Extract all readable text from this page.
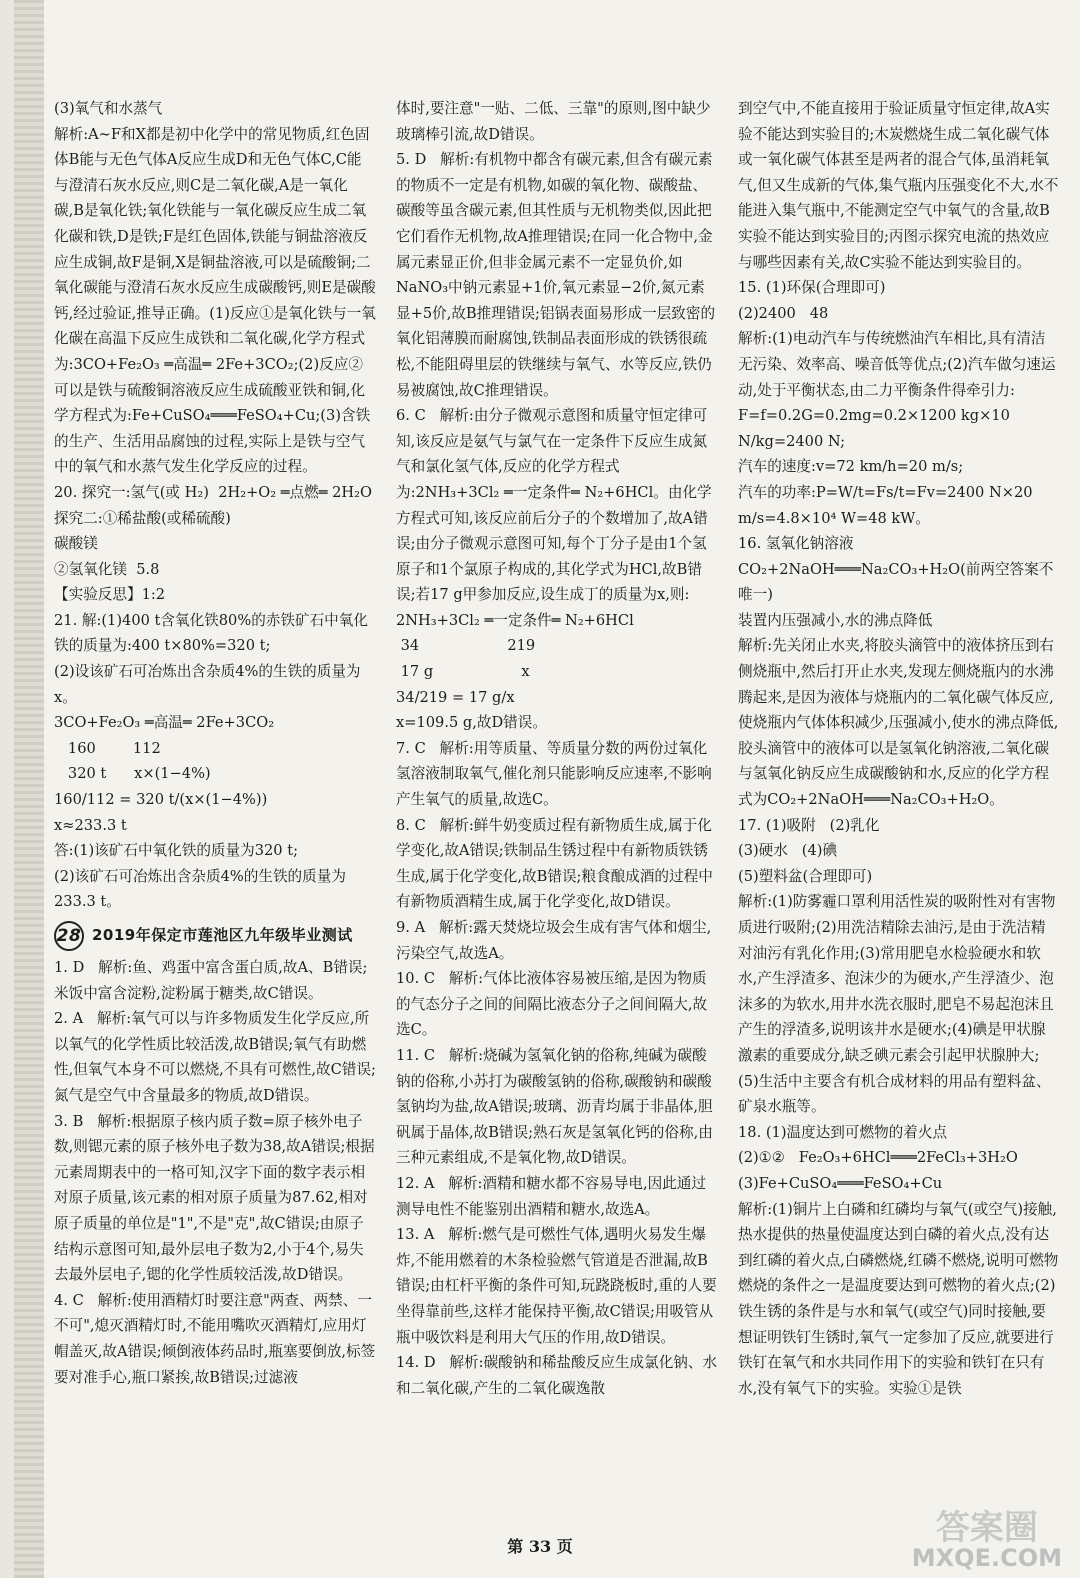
(3)氧气和水蒸气
解析:A~F和X都是初中化学中的常见物质,红色固体B能与无色气体A反应生成D和无色气体C,C能与澄清石灰水反应,则C是二氧化碳,A是一氧化碳,B是氧化铁;氧化铁能与一氧化碳反应生成二氧化碳和铁,D是铁;F是红色固体,铁能与铜盐溶液反应生成铜,故F是铜,X是铜盐溶液,可以是硫酸铜;二氧化碳能与澄清石灰水反应生成碳酸钙,则E是碳酸钙,经过验证,推导正确。(1)反应①是氧化铁与一氧化碳在高温下反应生成铁和二氧化碳,化学方程式为:3CO+Fe₂O₃ ═高温═ 2Fe+3CO₂;(2)反应②可以是铁与硫酸铜溶液反应生成硫酸亚铁和铜,化学方程式为:Fe+CuSO₄═══FeSO₄+Cu;(3)含铁的生产、生活用品腐蚀的过程,实际上是铁与空气中的氧气和水蒸气发生化学反应的过程。

20. 探究一:氢气(或 H₂)  2H₂+O₂ ═点燃═ 2H₂O
探究二:①稀盐酸(或稀硫酸)
碳酸镁
②氢氧化镁  5.8
【实验反思】1:2

21. 解:(1)400 t含氧化铁80%的赤铁矿石中氧化铁的质量为:400 t×80%=320 t;
(2)设该矿石可冶炼出含杂质4%的生铁的质量为x。
3CO+Fe₂O₃ ═高温═ 2Fe+3CO₂
160        112
320 t      x×(1−4%)
160/112 = 320 t/(x×(1−4%))
x≈233.3 t
答:(1)该矿石中氧化铁的质量为320 t;
(2)该矿石可冶炼出含杂质4%的生铁的质量为233.3 t。

28 2019年保定市莲池区九年级毕业测试

1. D   解析:鱼、鸡蛋中富含蛋白质,故A、B错误;米饭中富含淀粉,淀粉属于糖类,故C错误。

2. A   解析:氧气可以与许多物质发生化学反应,所以氧气的化学性质比较活泼,故B错误;氧气有助燃性,但氧气本身不可以燃烧,不具有可燃性,故C错误;氮气是空气中含量最多的物质,故D错误。

3. B   解析:根据原子核内质子数=原子核外电子数,则锶元素的原子核外电子数为38,故A错误;根据元素周期表中的一格可知,汉字下面的数字表示相对原子质量,该元素的相对原子质量为87.62,相对原子质量的单位是"1",不是"克",故C错误;由原子结构示意图可知,最外层电子数为2,小于4个,易失去最外层电子,锶的化学性质较活泼,故D错误。

4. C   解析:使用酒精灯时要注意"两查、两禁、一不可",熄灭酒精灯时,不能用嘴吹灭酒精灯,应用灯帽盖灭,故A错误;倾倒液体药品时,瓶塞要倒放,标签要对准手心,瓶口紧挨,故B错误;过滤液

体时,要注意"一贴、二低、三靠"的原则,图中缺少玻璃棒引流,故D错误。

5. D   解析:有机物中都含有碳元素,但含有碳元素的物质不一定是有机物,如碳的氧化物、碳酸盐、碳酸等虽含碳元素,但其性质与无机物类似,因此把它们看作无机物,故A推理错误;在同一化合物中,金属元素显正价,但非金属元素不一定显负价,如NaNO₃中钠元素显+1价,氧元素显−2价,氮元素显+5价,故B推理错误;铝锅表面易形成一层致密的氧化铝薄膜而耐腐蚀,铁制品表面形成的铁锈很疏松,不能阻碍里层的铁继续与氧气、水等反应,铁仍易被腐蚀,故C推理错误。

6. C   解析:由分子微观示意图和质量守恒定律可知,该反应是氨气与氯气在一定条件下反应生成氮气和氯化氢气体,反应的化学方程式为:2NH₃+3Cl₂ ═一定条件═ N₂+6HCl。由化学方程式可知,该反应前后分子的个数增加了,故A错误;由分子微观示意图可知,每个丁分子是由1个氢原子和1个氯原子构成的,其化学式为HCl,故B错误;若17 g甲参加反应,设生成丁的质量为x,则:
2NH₃+3Cl₂ ═一定条件═ N₂+6HCl
34                   219
17 g                   x
34/219 = 17 g/x
x=109.5 g,故D错误。

7. C   解析:用等质量、等质量分数的两份过氧化氢溶液制取氧气,催化剂只能影响反应速率,不影响产生氧气的质量,故选C。

8. C   解析:鲜牛奶变质过程有新物质生成,属于化学变化,故A错误;铁制品生锈过程中有新物质铁锈生成,属于化学变化,故B错误;粮食酿成酒的过程中有新物质酒精生成,属于化学变化,故D错误。

9. A   解析:露天焚烧垃圾会生成有害气体和烟尘,污染空气,故选A。

10. C   解析:气体比液体容易被压缩,是因为物质的气态分子之间的间隔比液态分子之间间隔大,故选C。

11. C   解析:烧碱为氢氧化钠的俗称,纯碱为碳酸钠的俗称,小苏打为碳酸氢钠的俗称,碳酸钠和碳酸氢钠均为盐,故A错误;玻璃、沥青均属于非晶体,胆矾属于晶体,故B错误;熟石灰是氢氧化钙的俗称,由三种元素组成,不是氧化物,故D错误。

12. A   解析:酒精和糖水都不容易导电,因此通过测导电性不能鉴别出酒精和糖水,故选A。

13. A   解析:燃气是可燃性气体,遇明火易发生爆炸,不能用燃着的木条检验燃气管道是否泄漏,故B错误;由杠杆平衡的条件可知,玩跷跷板时,重的人要坐得靠前些,这样才能保持平衡,故C错误;用吸管从瓶中吸饮料是利用大气压的作用,故D错误。

14. D   解析:碳酸钠和稀盐酸反应生成氯化钠、水和二氧化碳,产生的二氧化碳逸散

到空气中,不能直接用于验证质量守恒定律,故A实验不能达到实验目的;木炭燃烧生成二氧化碳气体或一氧化碳气体甚至是两者的混合气体,虽消耗氧气,但又生成新的气体,集气瓶内压强变化不大,水不能进入集气瓶中,不能测定空气中氧气的含量,故B实验不能达到实验目的;丙图示探究电流的热效应与哪些因素有关,故C实验不能达到实验目的。

15. (1)环保(合理即可)
(2)2400   48
解析:(1)电动汽车与传统燃油汽车相比,具有清洁无污染、效率高、噪音低等优点;(2)汽车做匀速运动,处于平衡状态,由二力平衡条件得牵引力:
F=f=0.2G=0.2mg=0.2×1200 kg×10 N/kg=2400 N;
汽车的速度:v=72 km/h=20 m/s;
汽车的功率:P=W/t=Fs/t=Fv=2400 N×20 m/s=4.8×10⁴ W=48 kW。

16. 氢氧化钠溶液
CO₂+2NaOH═══Na₂CO₃+H₂O(前两空答案不唯一)
装置内压强减小,水的沸点降低
解析:先关闭止水夹,将胶头滴管中的液体挤压到右侧烧瓶中,然后打开止水夹,发现左侧烧瓶内的水沸腾起来,是因为液体与烧瓶内的二氧化碳气体反应,使烧瓶内气体体积减少,压强减小,使水的沸点降低,胶头滴管中的液体可以是氢氧化钠溶液,二氧化碳与氢氧化钠反应生成碳酸钠和水,反应的化学方程式为CO₂+2NaOH═══Na₂CO₃+H₂O。

17. (1)吸附   (2)乳化
(3)硬水   (4)碘
(5)塑料盆(合理即可)
解析:(1)防雾霾口罩利用活性炭的吸附性对有害物质进行吸附;(2)用洗洁精除去油污,是由于洗洁精对油污有乳化作用;(3)常用肥皂水检验硬水和软水,产生浮渣多、泡沫少的为硬水,产生浮渣少、泡沫多的为软水,用井水洗衣服时,肥皂不易起泡沫且产生的浮渣多,说明该井水是硬水;(4)碘是甲状腺激素的重要成分,缺乏碘元素会引起甲状腺肿大;(5)生活中主要含有机合成材料的用品有塑料盆、矿泉水瓶等。

18. (1)温度达到可燃物的着火点
(2)①②   Fe₂O₃+6HCl═══2FeCl₃+3H₂O
(3)Fe+CuSO₄═══FeSO₄+Cu
解析:(1)铜片上白磷和红磷均与氧气(或空气)接触,热水提供的热量使温度达到白磷的着火点,没有达到红磷的着火点,白磷燃烧,红磷不燃烧,说明可燃物燃烧的条件之一是温度要达到可燃物的着火点;(2)铁生锈的条件是与水和氧气(或空气)同时接触,要想证明铁钉生锈时,氧气一定参加了反应,就要进行铁钉在氧气和水共同作用下的实验和铁钉在只有水,没有氧气下的实验。实验①是铁

第 33 页	答案圈
MXQE.COM
